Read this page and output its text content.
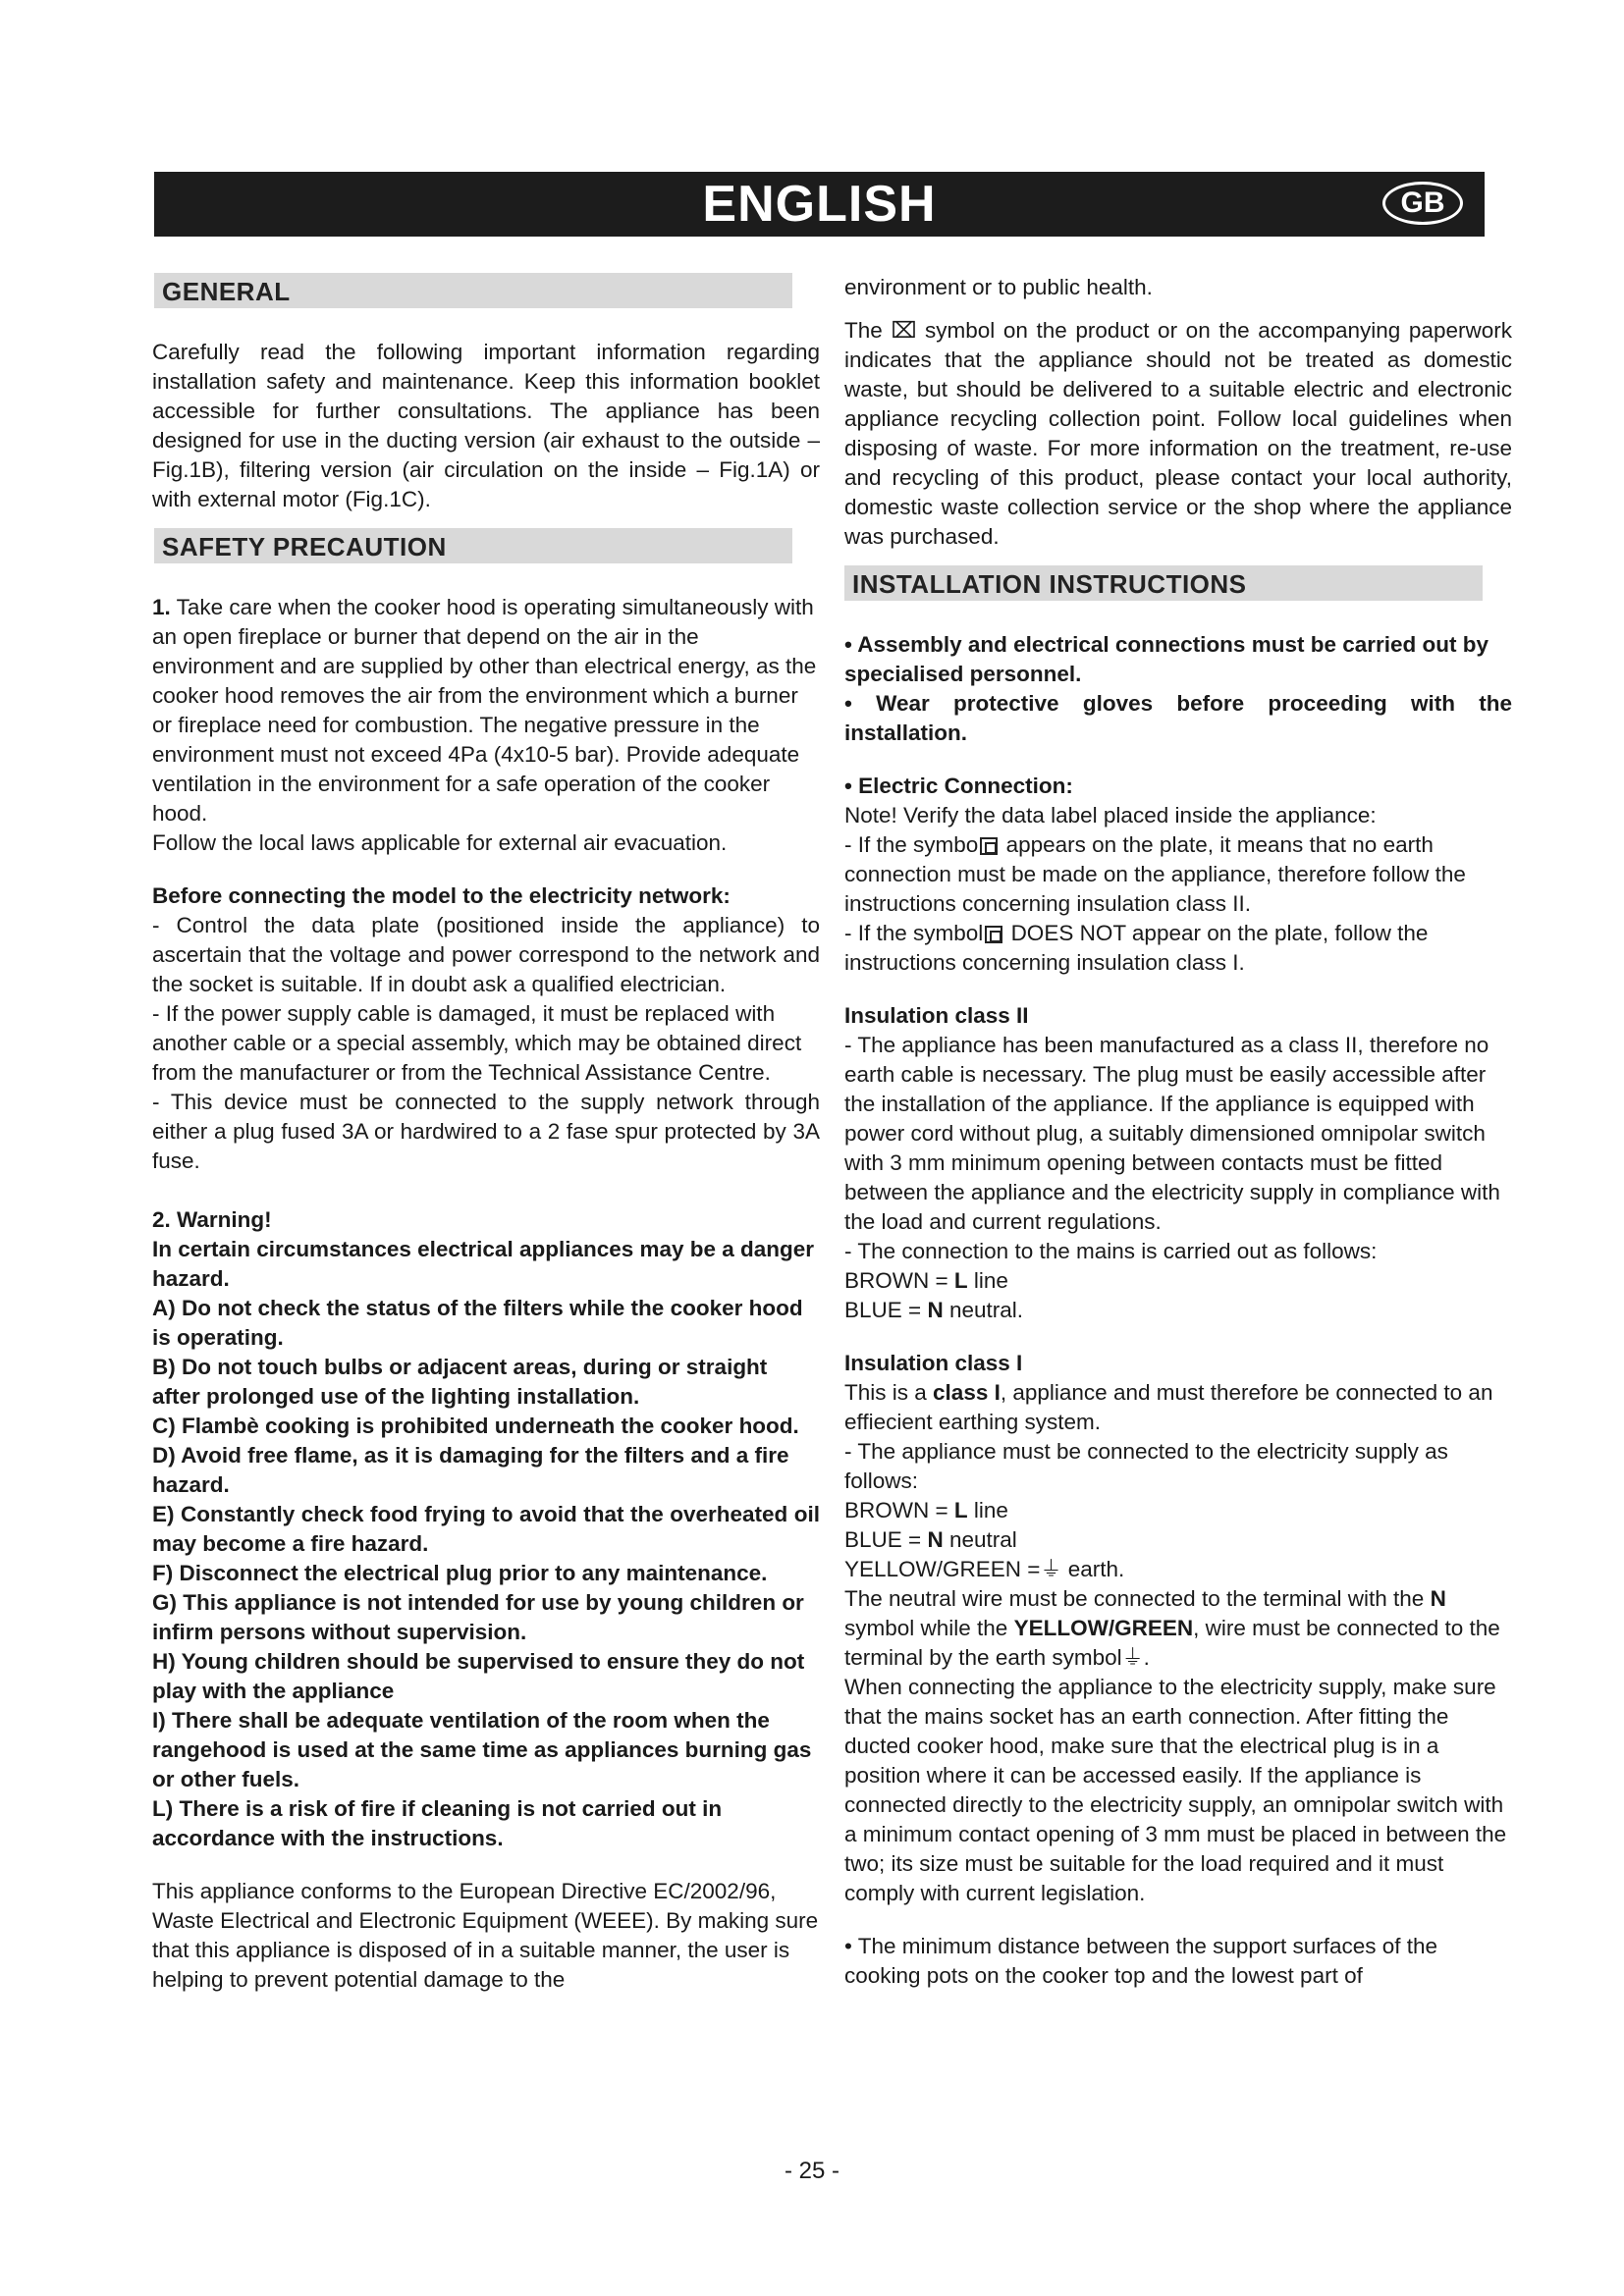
ENGLISH	GB
GENERAL

Carefully read the following important information regarding installation safety and maintenance. Keep this information booklet accessible for further consultations. The appliance has been designed for use in the ducting version (air exhaust to the outside – Fig.1B), filtering version (air circulation on the inside – Fig.1A) or with external motor (Fig.1C).

SAFETY PRECAUTION

1. Take care when the cooker hood is operating simultaneously with an open fireplace or burner that depend on the air in the environment and are supplied by other than electrical energy, as the cooker hood removes the air from the environment which a burner or fireplace need for combustion. The negative pressure in the environment must not exceed 4Pa (4x10-5 bar). Provide adequate ventilation in the environment for a safe operation of the cooker hood.

Follow the local laws applicable for external air evacuation.

Before connecting the model to the electricity network:

- Control the data plate (positioned inside the appliance) to ascertain that the voltage and power correspond to the network and the socket is suitable. If in doubt ask a qualified electrician.

- If the power supply cable is damaged, it must be replaced with another cable or a special assembly, which may be obtained direct from the manufacturer or from the Technical Assistance Centre.

- This device must be connected to the supply network through either a plug fused 3A or hardwired to a 2 fase spur protected by 3A fuse.

2. Warning!

In certain circumstances electrical appliances may be a danger hazard.

A) Do not check the status of the filters while the cooker hood is operating.

B) Do not touch bulbs or adjacent areas, during or straight after prolonged use of the lighting installation.

C) Flambè cooking is prohibited underneath the cooker hood.

D) Avoid free flame, as it is damaging for the filters and a fire hazard.

E) Constantly check food frying to avoid that the overheated oil may become a fire hazard.

F) Disconnect the electrical plug prior to any maintenance.

G) This appliance is not intended for use by young children or infirm persons without supervision.

H) Young children should be supervised to ensure they do not play with the appliance

I) There shall be adequate ventilation of the room when the rangehood is used at the same time as appliances burning gas or other fuels.

L) There is a risk of fire if cleaning is not carried out in accordance with the instructions.

This appliance conforms to the European Directive EC/2002/96, Waste Electrical and Electronic Equipment (WEEE). By making sure that this appliance is disposed of in a suitable manner, the user is helping to prevent potential damage to the

environment or to public health.

The ⌧ symbol on the product or on the accompanying paperwork indicates that the appliance should not be treated as domestic waste, but should be delivered to a suitable electric and electronic appliance recycling collection point. Follow local guidelines when disposing of waste. For more information on the treatment, re-use and recycling of this product, please contact your local authority, domestic waste collection service or the shop where the appliance was purchased.

INSTALLATION INSTRUCTIONS

• Assembly and electrical connections must be carried out by specialised personnel.

• Wear protective gloves before proceeding with the installation.

• Electric Connection:

Note! Verify the data label placed inside the appliance:

- If the symbo appears on the plate, it means that no earth connection must be made on the appliance, therefore follow the instructions concerning insulation class II.

- If the symbol DOES NOT appear on the plate, follow the instructions concerning insulation class I.

Insulation class II

- The appliance has been manufactured as a class II, therefore no earth cable is necessary. The plug must be easily accessible after the installation of the appliance. If the appliance is equipped with power cord without plug, a suitably dimensioned omnipolar switch with 3 mm minimum opening between contacts must be fitted between the appliance and the electricity supply in compliance with the load and current regulations.

- The connection to the mains is carried out as follows:

BROWN = L line

BLUE = N neutral.

Insulation class I

This is a class I, appliance and must therefore be connected to an effiecient earthing system.

- The appliance must be connected to the electricity supply as follows:

BROWN = L line

BLUE = N neutral

YELLOW/GREEN =⏚ earth.

The neutral wire must be connected to the terminal with the N symbol while the YELLOW/GREEN, wire must be connected to the terminal by the earth symbol⏚.

When connecting the appliance to the electricity supply, make sure that the mains socket has an earth connection. After fitting the ducted cooker hood, make sure that the electrical plug is in a position where it can be accessed easily. If the appliance is connected directly to the electricity supply, an omnipolar switch with a minimum contact opening of 3 mm must be placed in between the two; its size must be suitable for the load required and it must comply with current legislation.

• The minimum distance between the support surfaces of the cooking pots on the cooker top and the lowest part of

- 25 -
